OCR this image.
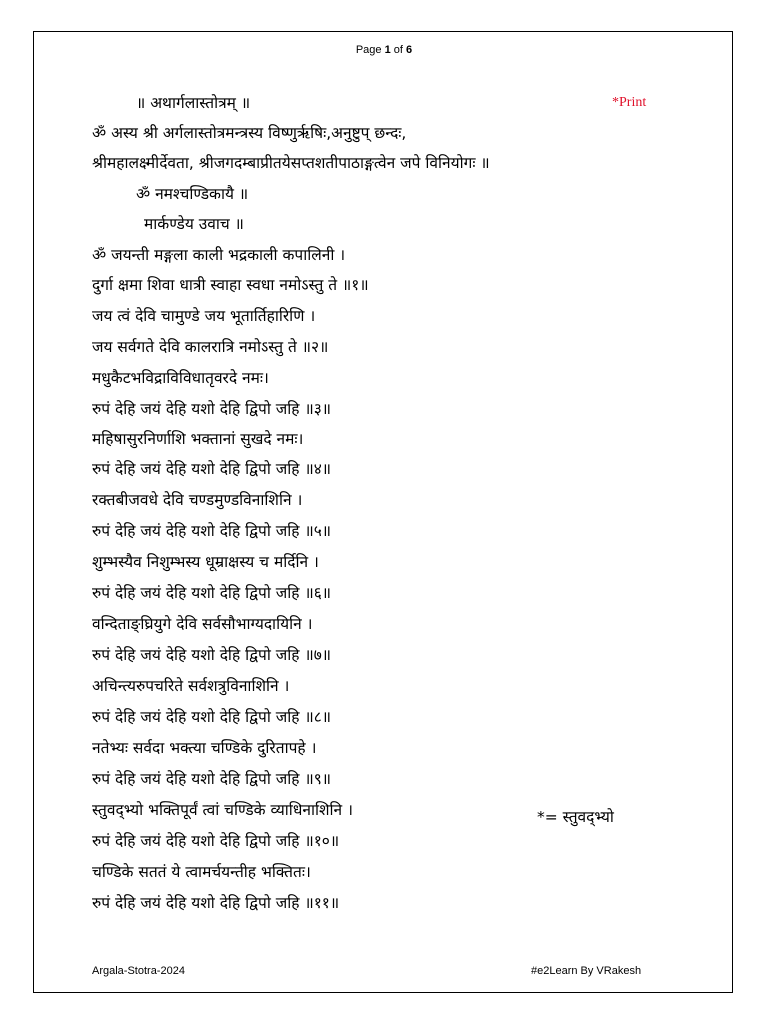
Page 1 of 6
*Print
॥ अथार्गलास्तोत्रम् ॥
ॐ अस्य श्री अर्गलास्तोत्रमन्त्रस्य विष्णुर्ऋषिः,अनुष्टुप् छन्दः,
श्रीमहालक्ष्मीर्देवता, श्रीजगदम्बाप्रीतयेसप्तशतीपाठाङ्गत्वेन जपे विनियोगः ॥
ॐ नमश्चण्डिकायै ॥
मार्कण्डेय उवाच ॥
ॐ जयन्ती मङ्गला काली भद्रकाली कपालिनी ।
दुर्गा क्षमा शिवा धात्री स्वाहा स्वधा नमोऽस्तु ते ॥१॥
जय त्वं देवि चामुण्डे जय भूतार्तिहारिणि ।
जय सर्वगते देवि कालरात्रि नमोऽस्तु ते ॥२॥
मधुकैटभविद्राविविधातृवरदे नमः।
रुपं देहि जयं देहि यशो देहि द्विपो जहि ॥३॥
महिषासुरनिर्णाशि भक्तानां सुखदे नमः।
रुपं देहि जयं देहि यशो देहि द्विपो जहि ॥४॥
रक्तबीजवधे देवि चण्डमुण्डविनाशिनि ।
रुपं देहि जयं देहि यशो देहि द्विपो जहि ॥५॥
शुम्भस्यैव निशुम्भस्य धूम्राक्षस्य च मर्दिनि ।
रुपं देहि जयं देहि यशो देहि द्विपो जहि ॥६॥
वन्दिताङ्घ्रियुगे देवि सर्वसौभाग्यदायिनि ।
रुपं देहि जयं देहि यशो देहि द्विपो जहि ॥७॥
अचिन्त्यरुपचरिते सर्वशत्रुविनाशिनि ।
रुपं देहि जयं देहि यशो देहि द्विपो जहि ॥८॥
नतेभ्यः सर्वदा भक्त्या चण्डिके दुरितापहे ।
रुपं देहि जयं देहि यशो देहि द्विपो जहि ॥९॥
स्तुवद्भ्यो भक्तिपूर्वं त्वां चण्डिके व्याधिनाशिनि ।
रुपं देहि जयं देहि यशो देहि द्विपो जहि ॥१०॥
चण्डिके सततं ये त्वामर्चयन्तीह भक्तितः।
रुपं देहि जयं देहि यशो देहि द्विपो जहि ॥११॥
*= स्तुवद्भ्यो
Argala-Stotra-2024	#e2Learn By VRakesh
